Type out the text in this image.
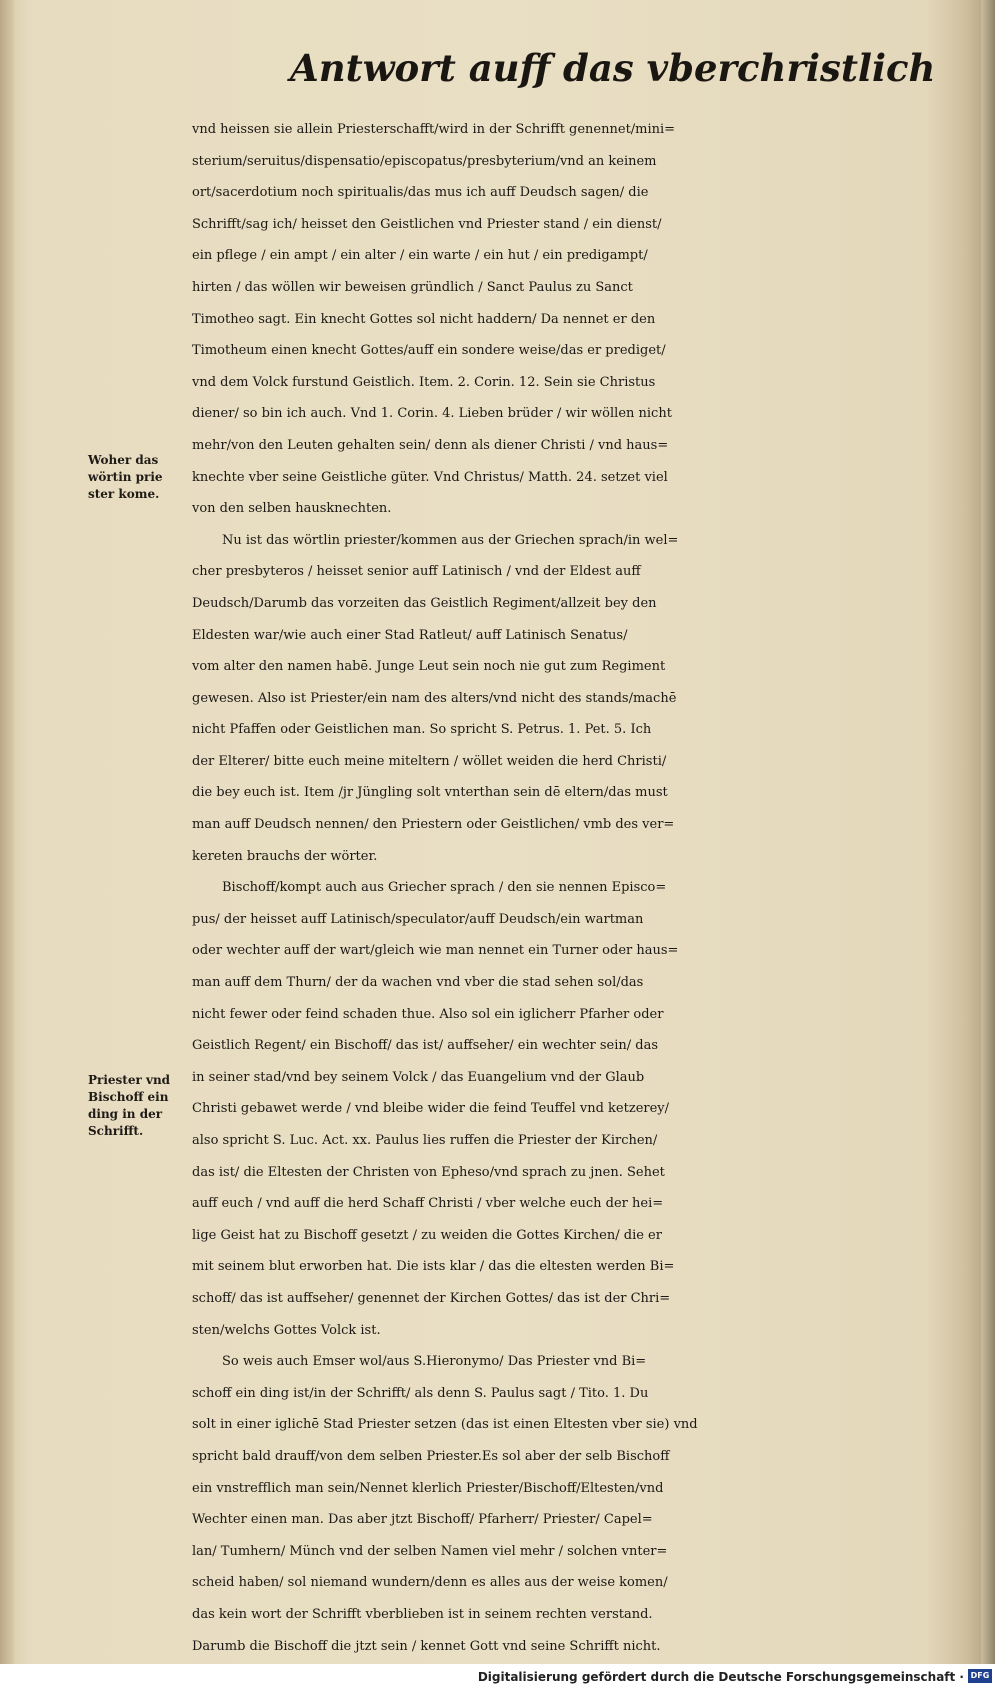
Antwort auff das vberchristlich
vnd heissen sie allein Priesterschafft/wird in der Schrifft genennet/mini=
sterium/seruitus/dispensatio/episcopatus/presbyterium/vnd an keinem
ort/sacerdotium noch spiritualis/das mus ich auff Deudsch sagen/ die
Schrifft/sag ich/ heisset den Geistlichen vnd Priester stand / ein dienst/
ein pflege / ein ampt / ein alter / ein warte / ein hut / ein predigampt/
hirten / das wöllen wir beweisen gründlich / Sanct Paulus zu Sanct
Timotheo sagt. Ein knecht Gottes sol nicht haddern/ Da nennet er den
Timotheum einen knecht Gottes/auff ein sondere weise/das er prediget/
vnd dem Volck furstund Geistlich. Item. 2. Corin. 12. Sein sie Christus
diener/ so bin ich auch. Vnd 1. Corin. 4. Lieben brüder / wir wöllen nicht
mehr/von den Leuten gehalten sein/ denn als diener Christi / vnd haus=
knechte vber seine Geistliche güter. Vnd Christus/ Matth. 24. setzet viel
von den selben hausknechten.
Nu ist das wörtlin priester/kommen aus der Griechen sprach/in wel=
cher presbyteros / heisset senior auff Latinisch / vnd der Eldest auff
Deudsch/Darumb das vorzeiten das Geistlich Regiment/allzeit bey den
Eldesten war/wie auch einer Stad Ratleut/ auff Latinisch Senatus/
vom alter den namen habē. Junge Leut sein noch nie gut zum Regiment
gewesen. Also ist Priester/ein nam des alters/vnd nicht des stands/machē
nicht Pfaffen oder Geistlichen man. So spricht S. Petrus. 1. Pet. 5. Ich
der Elterer/ bitte euch meine miteltern / wöllet weiden die herd Christi/
die bey euch ist. Item /jr Jüngling solt vnterthan sein dē eltern/das must
man auff Deudsch nennen/ den Priestern oder Geistlichen/ vmb des ver=
kereten brauchs der wörter.
Bischoff/kompt auch aus Griecher sprach / den sie nennen Episco=
pus/ der heisset auff Latinisch/speculator/auff Deudsch/ein wartman
oder wechter auff der wart/gleich wie man nennet ein Turner oder haus=
man auff dem Thurn/ der da wachen vnd vber die stad sehen sol/das
nicht fewer oder feind schaden thue. Also sol ein iglicherr Pfarher oder
Geistlich Regent/ ein Bischoff/ das ist/ auffseher/ ein wechter sein/ das
in seiner stad/vnd bey seinem Volck / das Euangelium vnd der Glaub
Christi gebawet werde / vnd bleibe wider die feind Teuffel vnd ketzerey/
also spricht S. Luc. Act. xx. Paulus lies ruffen die Priester der Kirchen/
das ist/ die Eltesten der Christen von Epheso/vnd sprach zu jnen. Sehet
auff euch / vnd auff die herd Schaff Christi / vber welche euch der hei=
lige Geist hat zu Bischoff gesetzt / zu weiden die Gottes Kirchen/ die er
mit seinem blut erworben hat. Die ists klar / das die eltesten werden Bi=
schoff/ das ist auffseher/ genennet der Kirchen Gottes/ das ist der Chri=
sten/welchs Gottes Volck ist.
So weis auch Emser wol/aus S.Hieronymo/ Das Priester vnd Bi=
schoff ein ding ist/in der Schrifft/ als denn S. Paulus sagt / Tito. 1. Du
solt in einer iglichē Stad Priester setzen (das ist einen Eltesten vber sie) vnd
spricht bald drauff/von dem selben Priester.Es sol aber der selb Bischoff
ein vnstrefflich man sein/Nennet klerlich Priester/Bischoff/Eltesten/vnd
Wechter einen man. Das aber jtzt Bischoff/ Pfarherr/ Priester/ Capel=
lan/ Tumhern/ Münch vnd der selben Namen viel mehr / solchen vnter=
scheid haben/ sol niemand wundern/denn es alles aus der weise komen/
das kein wort der Schrifft vberblieben ist in seinem rechten verstand.
Darumb die Bischoff die jtzt sein / kennet Gott vnd seine Schrifft nicht.
Woher das
wörtin prie
ster kome.
Priester vnd
Bischoff ein
ding in der
Schrifft.
Digitalisierung gefördert durch die Deutsche Forschungsgemeinschaft · DFG
